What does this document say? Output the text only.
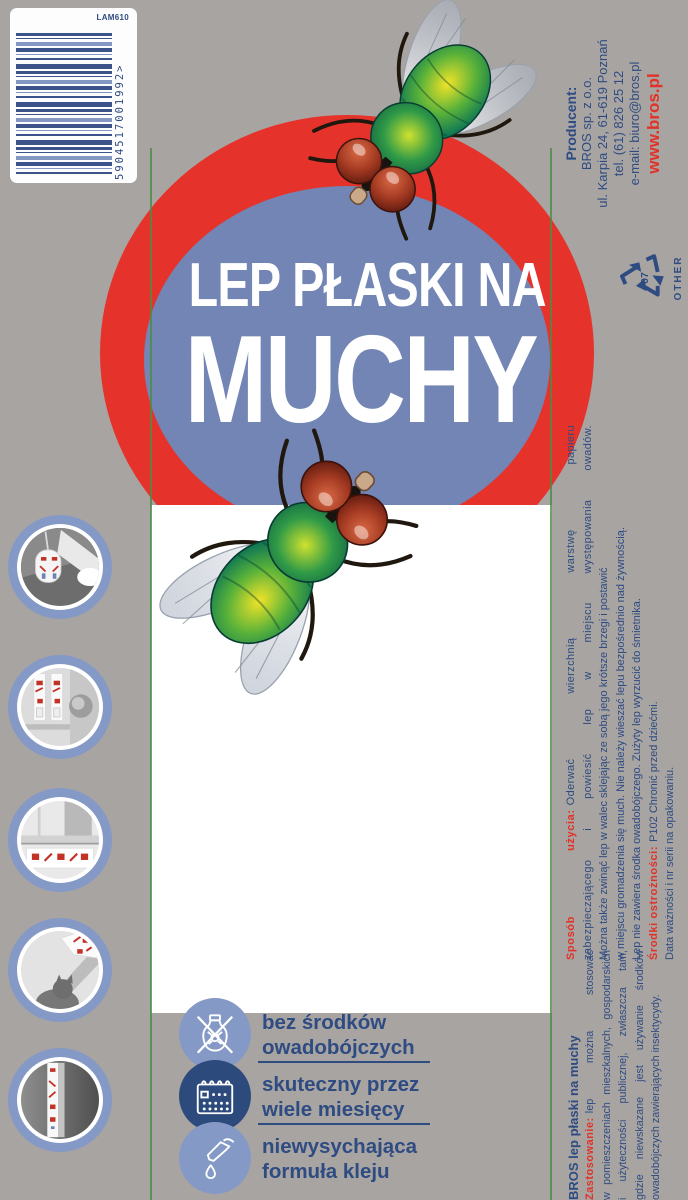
LAM610
5904517001992>	Producent: BROS sp. z o.o. ul. Karpia 24, 61-619 Poznań tel. (61) 826 25 12 e-mail: biuro@bros.pl www.bros.pl
07 OTHER
LEP PŁASKI NA
MUCHY
bez środków
owadobójczych
skuteczny przez
wiele miesięcy
niewysychająca
formuła kleju
Sposób użycia:Oderwać wierzchnią warstwę papieru zabezpieczającego i powiesić lep w miejscu występowania owadów. Można także zwinąć lep w walec sklejając ze sobą jego krótsze brzegi i postawić w miejscu gromadzenia się much. Nie należy wieszać lepu bezpośrednio nad żywnością. Lep nie zawiera środka owadobójczego. Zużyty lep wyrzucić do śmietnika. Środki ostrożności:P102 Chronić przed dziećmi. Data ważności i nr serii na opakowaniu.
BROS lep płaski na muchy Zastosowanie:lep można stosować w pomieszczeniach mieszkalnych, gospodarskich i użyteczności publicznej, zwłaszcza tam, gdzie niewskazane jest używanie środków owadobójczych zawierających insektycydy.
